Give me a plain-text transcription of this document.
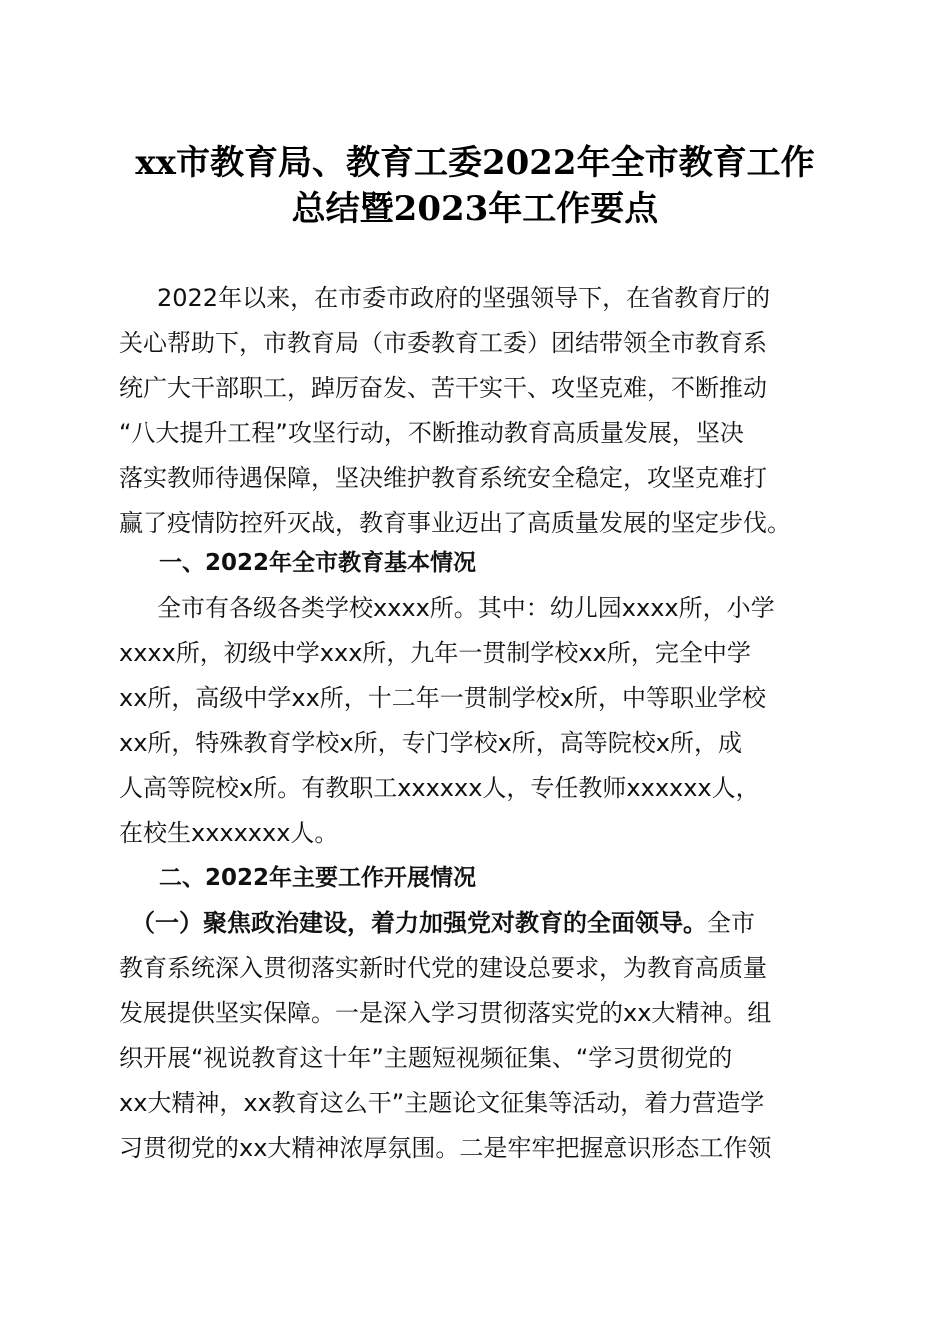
xx市教育局、教育工委2022年全市教育工作
总结暨2023年工作要点
2022年以来，在市委市政府的坚强领导下，在省教育厅的
关心帮助下，市教育局（市委教育工委）团结带领全市教育系
统广大干部职工，踔厉奋发、苦干实干、攻坚克难，不断推动
“八大提升工程”攻坚行动，不断推动教育高质量发展，坚决
落实教师待遇保障，坚决维护教育系统安全稳定，攻坚克难打
赢了疫情防控歼灭战，教育事业迈出了高质量发展的坚定步伐。
一、2022年全市教育基本情况
全市有各级各类学校xxxx所。其中：幼儿园xxxx所，小学
xxxx所，初级中学xxx所，九年一贯制学校xx所，完全中学
xx所，高级中学xx所，十二年一贯制学校x所，中等职业学校
xx所，特殊教育学校x所，专门学校x所，高等院校x所，成
人高等院校x所。有教职工xxxxxx人，专任教师xxxxxx人，
在校生xxxxxxx人。
二、2022年主要工作开展情况
（一）聚焦政治建设，着力加强党对教育的全面领导。全市
教育系统深入贯彻落实新时代党的建设总要求，为教育高质量
发展提供坚实保障。一是深入学习贯彻落实党的xx大精神。组
织开展“视说教育这十年”主题短视频征集、“学习贯彻党的
xx大精神，xx教育这么干”主题论文征集等活动，着力营造学
习贯彻党的xx大精神浓厚氛围。二是牢牢把握意识形态工作领
